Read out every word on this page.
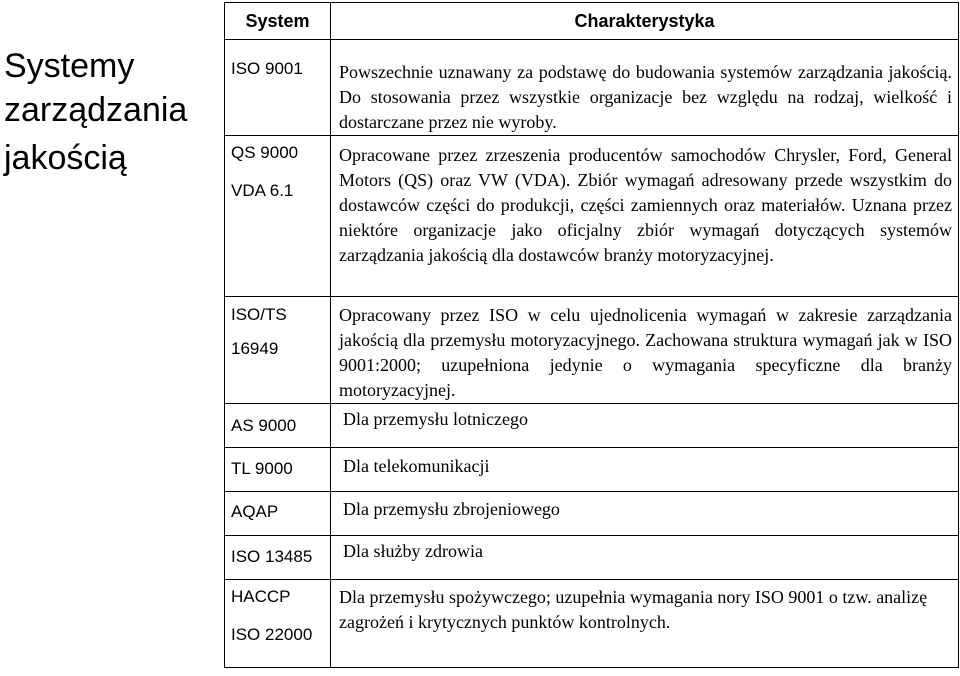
Systemy
zarządzania
jakością
System	Charakterystyka

ISO 9001	Powszechnie uznawany za podstawę do budowania systemów zarządzania jakością. Do stosowania przez wszystkie organizacje bez względu na rodzaj, wielkość i dostarczane przez nie wyroby.

QS 9000
VDA 6.1	Opracowane przez zrzeszenia producentów samochodów Chrysler, Ford, General Motors (QS) oraz VW (VDA). Zbiór wymagań adresowany przede wszystkim do dostawców części do produkcji, części zamiennych oraz materiałów. Uznana przez niektóre organizacje jako oficjalny zbiór wymagań dotyczących systemów zarządzania jakością dla dostawców branży motoryzacyjnej.

ISO/TS
16949	Opracowany przez ISO w celu ujednolicenia wymagań w zakresie zarządzania jakością dla przemysłu motoryzacyjnego. Zachowana struktura wymagań jak w ISO 9001:2000; uzupełniona jedynie o wymagania specyficzne dla branży motoryzacyjnej.

AS 9000	Dla przemysłu lotniczego

TL 9000	Dla telekomunikacji

AQAP	Dla przemysłu zbrojeniowego

ISO 13485	Dla służby zdrowia

HACCP
ISO 22000	Dla przemysłu spożywczego; uzupełnia wymagania nory ISO 9001 o tzw. analizę zagrożeń i krytycznych punktów kontrolnych.
